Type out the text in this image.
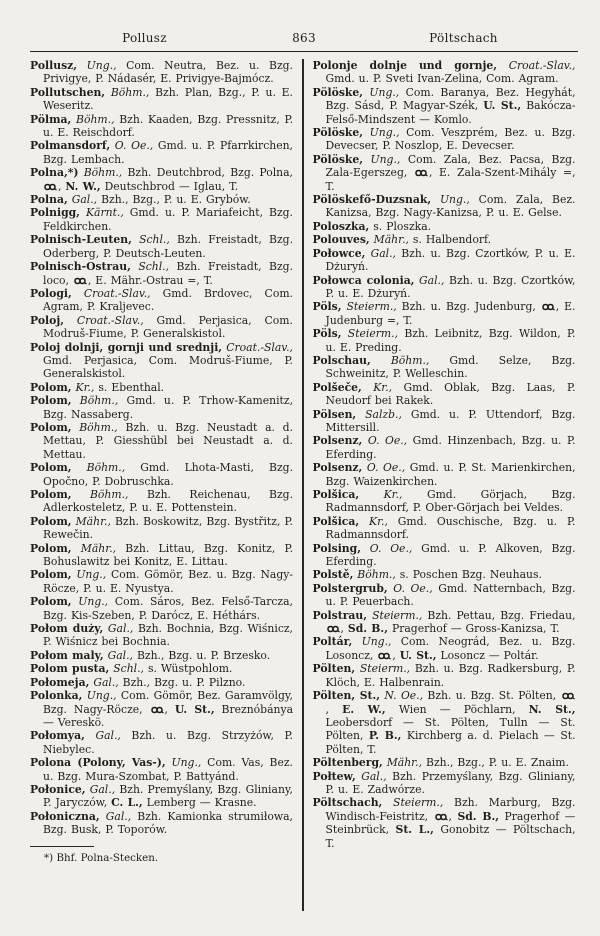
Pollusz	863	Pöltschach

Pollusz, Ung., Com. Neutra, Bez. u. Bzg. Privigye, P. Nádasér, E. Privigye-Bajmócz.

Pollutschen, Böhm., Bzh. Plan, Bzg., P. u. E. Weseritz.

Pölma, Böhm., Bzh. Kaaden, Bzg. Pressnitz, P. u. E. Reischdorf.

Polmansdorf, O. Oe., Gmd. u. P. Pfarrkirchen, Bzg. Lembach.

Polna,*) Böhm., Bzh. Deutchbrod, Bzg. Polna, , N. W., Deutschbrod — Iglau, T.

Polna, Gal., Bzh., Bzg., P. u. E. Grybów.

Polnigg, Kärnt., Gmd. u. P. Mariafeicht, Bzg. Feldkirchen.

Polnisch-Leuten, Schl., Bzh. Freistadt, Bzg. Oderberg, P. Deutsch-Leuten.

Polnisch-Ostrau, Schl., Bzh. Freistadt, Bzg. loco, , E. Mähr.-Ostrau =, T.

Pologi, Croat.-Slav., Gmd. Brdovec, Com. Agram, P. Kraljevec.

Poloj, Croat.-Slav., Gmd. Perjasica, Com. Modruš-Fiume, P. Generalskistol.

Poloj dolnji, gornji und srednji, Croat.-Slav., Gmd. Perjasica, Com. Modruš-Fiume, P. Generalskistol.

Polom, Kr., s. Ebenthal.

Polom, Böhm., Gmd. u. P. Trhow-Kamenitz, Bzg. Nassaberg.

Polom, Böhm., Bzh. u. Bzg. Neustadt a. d. Mettau, P. Giesshübl bei Neustadt a. d. Mettau.

Polom, Böhm., Gmd. Lhota-Masti, Bzg. Opočno, P. Dobruschka.

Polom, Böhm., Bzh. Reichenau, Bzg. Adlerkosteletz, P. u. E. Pottenstein.

Polom, Mähr., Bzh. Boskowitz, Bzg. Bystřitz, P. Rewečin.

Polom, Mähr., Bzh. Littau, Bzg. Konitz, P. Bohuslawitz bei Konitz, E. Littau.

Polom, Ung., Com. Gömör, Bez. u. Bzg. Nagy-Röcze, P. u. E. Nyustya.

Polom, Ung., Com. Sáros, Bez. Felső-Tarcza, Bzg. Kis-Szeben, P. Darócz, E. Héthárs.

Połom duży, Gal., Bzh. Bochnia, Bzg. Wiśnicz, P. Wiśnicz bei Bochnia.

Połom maly, Gal., Bzh., Bzg. u. P. Brzesko.

Polom pusta, Schl., s. Wüstpohlom.

Połomeja, Gal., Bzh., Bzg. u. P. Pilzno.

Polonka, Ung., Com. Gömör, Bez. Garamvölgy, Bzg. Nagy-Röcze, , U. St., Breznóbánya — Vereskö.

Połomya, Gal., Bzh. u. Bzg. Strzyżów, P. Niebylec.

Polona (Polony, Vas-), Ung., Com. Vas, Bez. u. Bzg. Mura-Szombat, P. Battyánd.

Połonice, Gal., Bzh. Premyślany, Bzg. Gliniany, P. Jaryczów, C. L., Lemberg — Krasne.

Połoniczna, Gal., Bzh. Kamionka strumiłowa, Bzg. Busk, P. Toporów.

*) Bhf. Polna-Stecken.

Polonje dolnje und gornje, Croat.-Slav., Gmd. u. P. Sveti Ivan-Zelina, Com. Agram.

Pölöske, Ung., Com. Baranya, Bez. Hegyhát, Bzg. Sásd, P. Magyar-Szék, U. St., Bakócza-Felső-Mindszent — Komlo.

Pölöske, Ung., Com. Veszprém, Bez. u. Bzg. Devecser, P. Noszlop, E. Devecser.

Pölöske, Ung., Com. Zala, Bez. Pacsa, Bzg. Zala-Egerszeg, , E. Zala-Szent-Mihály =, T.

Pölöskefő-Duzsnak, Ung., Com. Zala, Bez. Kanizsa, Bzg. Nagy-Kanizsa, P. u. E. Gelse.

Poloszka, s. Ploszka.

Polouves, Mähr., s. Halbendorf.

Połowce, Gal., Bzh. u. Bzg. Czortków, P. u. E. Dżuryń.

Połowca colonia, Gal., Bzh. u. Bzg. Czortków, P. u. E. Dżuryń.

Pöls, Steierm., Bzh. u. Bzg. Judenburg, , E. Judenburg =, T.

Pöls, Steierm., Bzh. Leibnitz, Bzg. Wildon, P. u. E. Preding.

Polschau, Böhm., Gmd. Selze, Bzg. Schweinitz, P. Welleschin.

Polšeče, Kr., Gmd. Oblak, Bzg. Laas, P. Neudorf bei Rakek.

Pölsen, Salzb., Gmd. u. P. Uttendorf, Bzg. Mittersill.

Polsenz, O. Oe., Gmd. Hinzenbach, Bzg. u. P. Eferding.

Polsenz, O. Oe., Gmd. u. P. St. Marienkirchen, Bzg. Waizenkirchen.

Polšica, Kr., Gmd. Görjach, Bzg. Radmannsdorf, P. Ober-Görjach bei Veldes.

Polšica, Kr., Gmd. Ouschische, Bzg. u. P. Radmannsdorf.

Polsing, O. Oe., Gmd. u. P. Alkoven, Bzg. Eferding.

Polstě, Böhm., s. Poschen Bzg. Neuhaus.

Polstergrub, O. Oe., Gmd. Natternbach, Bzg. u. P. Peuerbach.

Polstrau, Steierm., Bzh. Pettau, Bzg. Friedau, , Sd. B., Pragerhof — Gross-Kanizsa, T.

Poltár, Ung., Com. Neográd, Bez. u. Bzg. Losoncz, , U. St., Losoncz — Poltár.

Pölten, Steierm., Bzh. u. Bzg. Radkersburg, P. Klöch, E. Halbenrain.

Pölten, St., N. Oe., Bzh. u. Bzg. St. Pölten, , E. W., Wien — Pöchlarn, N. St., Leobersdorf — St. Pölten, Tulln — St. Pölten, P. B., Kirchberg a. d. Pielach — St. Pölten, T.

Pöltenberg, Mähr., Bzh., Bzg., P. u. E. Znaim.

Połtew, Gal., Bzh. Przemyślany, Bzg. Gliniany, P. u. E. Zadwórze.

Pöltschach, Steierm., Bzh. Marburg, Bzg. Windisch-Feistritz, , Sd. B., Pragerhof — Steinbrück, St. L., Gonobitz — Pöltschach, T.
